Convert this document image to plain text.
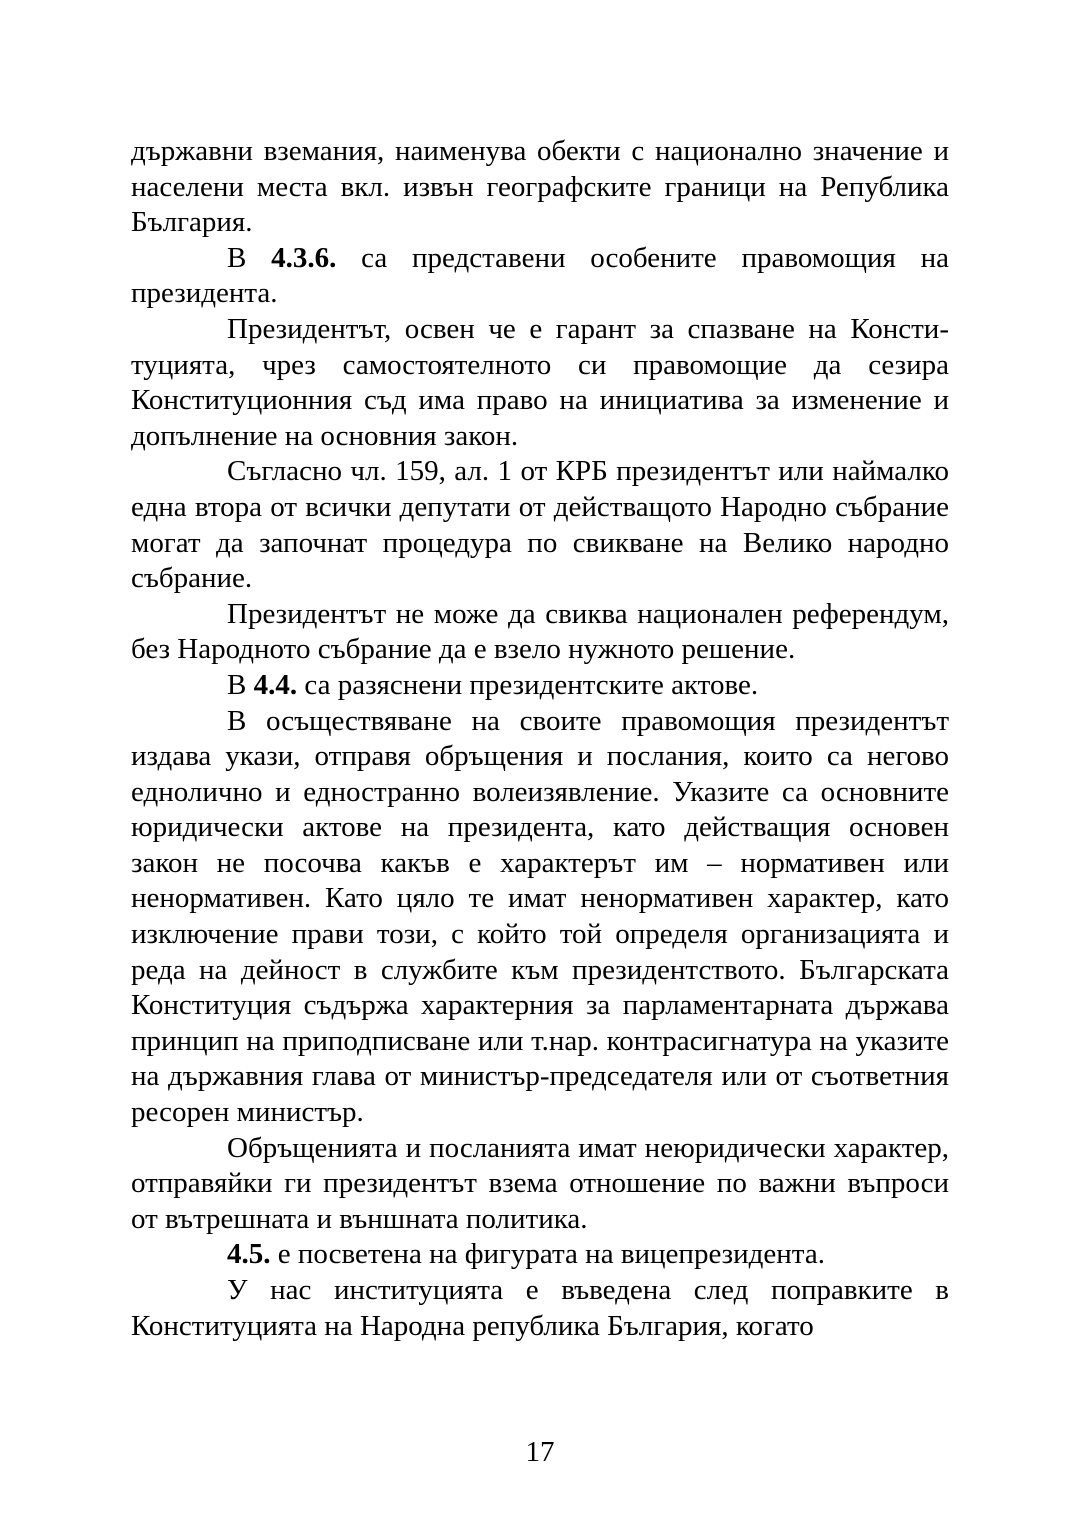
държавни вземания, наименува обекти с национално значение и населени места вкл. извън географските граници на Република България.

В 4.3.6. са представени особените правомощия на президента.

Президентът, освен че е гарант за спазване на Конституцията, чрез самостоятелното си правомощие да сезира Конституционния съд има право на инициатива за изменение и допълнение на основния закон.

Съгласно чл. 159, ал. 1 от КРБ президентът или наймалко една втора от всички депутати от действащото Народно събрание могат да започнат процедура по свикване на Велико народно събрание.

Президентът не може да свиква национален референдум, без Народното събрание да е взело нужното решение.

В 4.4. са разяснени президентските актове.

В осъществяване на своите правомощия президентът издава укази, отправя обръщения и послания, които са негово еднолично и едностранно волеизявление. Указите са основните юридически актове на президента, като действащия основен закон не посочва какъв е характерът им – нормативен или ненормативен. Като цяло те имат ненормативен характер, като изключение прави този, с който той определя организацията и реда на дейност в службите към президентството. Българската Конституция съдържа характерния за парламентарната държава принцип на приподписване или т.нар. контрасигнатура на указите на държавния глава от министър-председателя или от съответния ресорен министър.

Обръщенията и посланията имат неюридически характер, отправяйки ги президентът взема отношение по важни въпроси от вътрешната и външната политика.

4.5. е посветена на фигурата на вицепрезидента.

У нас институцията е въведена след поправките в Конституцията на Народна република България, когато

17
